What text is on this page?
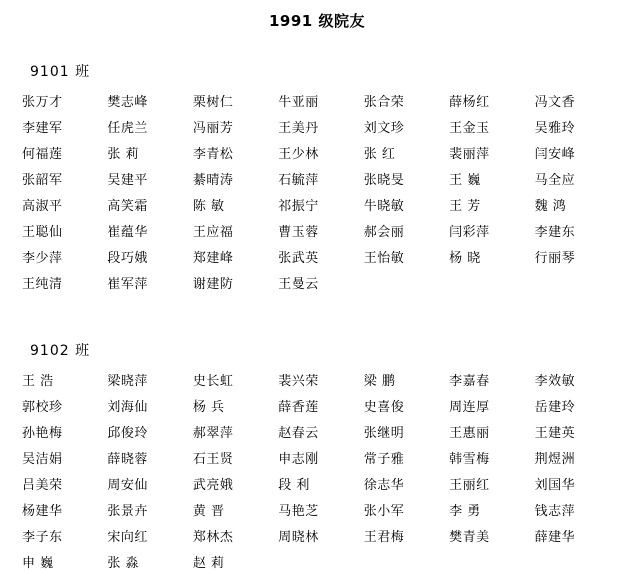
1991 级院友
9101 班
张万才	樊志峰	栗树仁	牛亚丽	张合荣	薛杨红	冯文香
李建军	任虎兰	冯丽芳	王美丹	刘文珍	王金玉	吴雅玲
何福莲	张 莉	李青松	王少林	张 红	裴丽萍	闫安峰
张韶军	吴建平	綦晴涛	石毓萍	张晓旻	王 巍	马全应
高淑平	高笑霜	陈 敏	祁振宁	牛晓敏	王 芳	魏 鸿
王聪仙	崔蕴华	王应福	曹玉蓉	郝会丽	闫彩萍	李建东
李少萍	段巧娥	郑建峰	张武英	王怡敏	杨 晓	行丽琴
王纯清	崔军萍	谢建防	王曼云
9102 班
王 浩	梁晓萍	史长虹	裴兴荣	梁 鹏	李嘉春	李效敏
郭校珍	刘海仙	杨 兵	薛香莲	史喜俊	周连厚	岳建玲
孙艳梅	邱俊玲	郝翠萍	赵春云	张继明	王惠丽	王建英
吴洁娟	薛晓蓉	石王贤	申志刚	常子雅	韩雪梅	荆煜洲
吕美荣	周安仙	武亮娥	段 利	徐志华	王丽红	刘国华
杨建华	张景卉	黄 晋	马艳芝	张小军	李 勇	钱志萍
李子东	宋向红	郑林杰	周晓林	王君梅	樊青美	薛建华
申 巍	张 淼	赵 莉
